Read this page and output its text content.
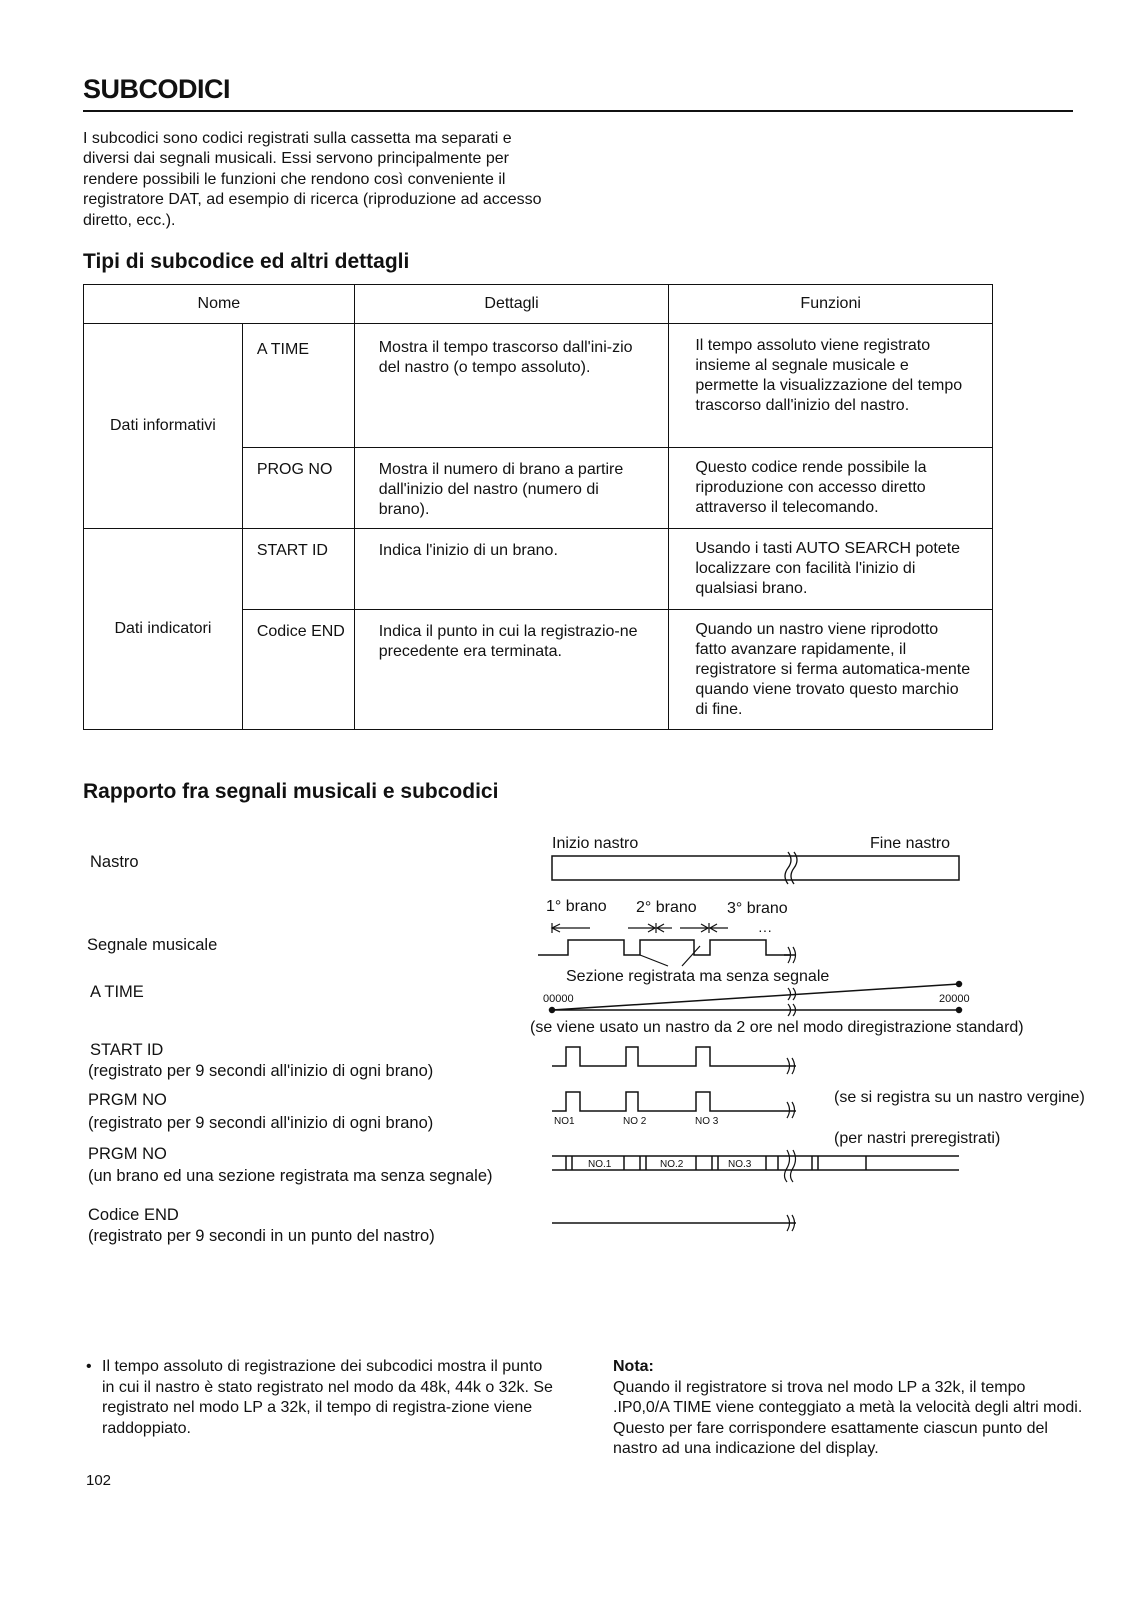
SUBCODICI

I subcodici sono codici registrati sulla cassetta ma separati e diversi dai segnali musicali. Essi servono principalmente per rendere possibili le funzioni che rendono così conveniente il registratore DAT, ad esempio di ricerca (riproduzione ad accesso diretto, ecc.).

Tipi di subcodice ed altri dettagli
Nome		Dettagli	Funzioni
Dati informativi	A TIME	Mostra il tempo trascorso dall'ini-zio del nastro (o tempo assoluto).	Il tempo assoluto viene registrato insieme al segnale musicale e permette la visualizzazione del tempo trascorso dall'inizio del nastro.
	PROG NO	Mostra il numero di brano a partire dall'inizio del nastro (numero di brano).	Questo codice rende possibile la riproduzione con accesso diretto attraverso il telecomando.
Dati indicatori	START ID	Indica l'inizio di un brano.	Usando i tasti AUTO SEARCH potete localizzare con facilità l'inizio di qualsiasi brano.
	Codice END	Indica il punto in cui la registrazio-ne precedente era terminata.	Quando un nastro viene riprodotto fatto avanzare rapidamente, il registratore si ferma automatica-mente quando viene trovato questo marchio di fine.
Rapporto fra segnali musicali e subcodici
Nastro
Segnale musicale
A TIME
START ID
(registrato per 9 secondi all'inizio di ogni brano)
PRGM NO
(registrato per 9 secondi all'inizio di ogni brano)
PRGM NO
(un brano ed una sezione registrata ma senza segnale)
Codice END
(registrato per 9 secondi in un punto del nastro)
Inizio nastro	Fine nastro
1° brano 2° brano 3° brano
···
Sezione registrata ma senza segnale
00000	20000
(se viene usato un nastro da 2 ore nel modo diregistrazione standard)
NO1	NO 2	NO 3
(se si registra su un nastro vergine)
(per nastri preregistrati)
NO.1	NO.2	NO.3
• Il tempo assoluto di registrazione dei subcodici mostra il punto in cui il nastro è stato registrato nel modo da 48k, 44k o 32k. Se registrato nel modo LP a 32k, il tempo di registra-zione viene raddoppiato.
Nota:
Quando il registratore si trova nel modo LP a 32k, il tempo .IP0,0/A TIME viene conteggiato a metà la velocità degli altri modi. Questo per fare corrispondere esattamente ciascun punto del nastro ad una indicazione del display.
102
